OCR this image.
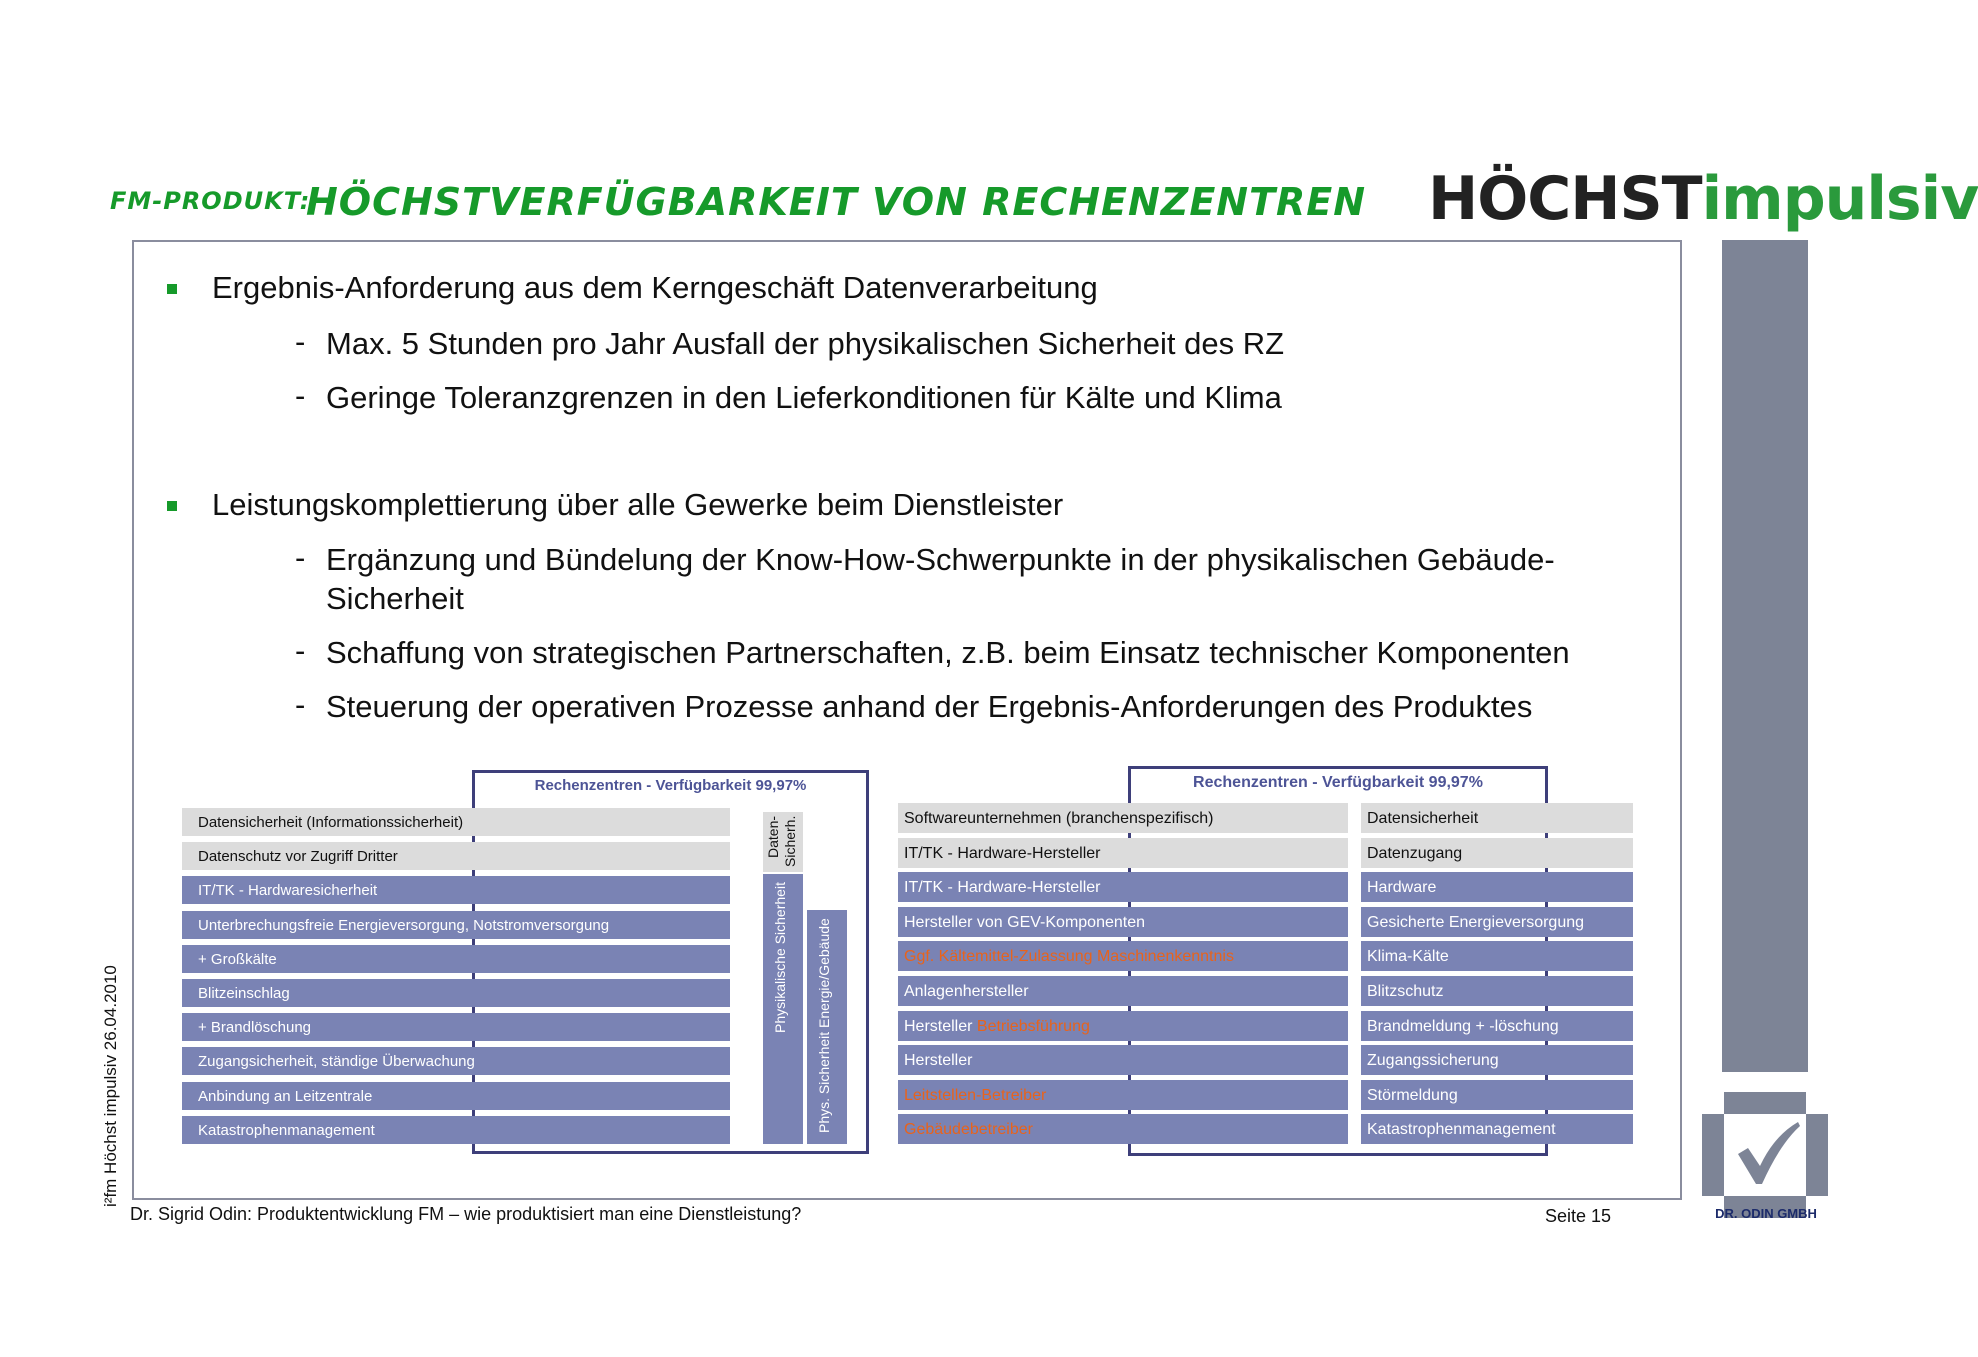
FM-PRODUKT:
HÖCHSTVERFÜGBARKEIT VON RECHENZENTREN HÖCHSTimpulsiv
DR. ODIN GMBH
Ergebnis-Anforderung aus dem Kerngeschäft Datenverarbeitung
- Max. 5 Stunden pro Jahr Ausfall der physikalischen Sicherheit des RZ
- Geringe Toleranzgrenzen in den Lieferkonditionen für Kälte und Klima
Leistungskomplettierung über alle Gewerke beim Dienstleister
- Ergänzung und Bündelung der Know-How-Schwerpunkte in der physikalischen Gebäude-Sicherheit
- Schaffung von strategischen Partnerschaften, z.B. beim Einsatz technischer Komponenten
- Steuerung der operativen Prozesse anhand der Ergebnis-Anforderungen des Produktes
Rechenzentren - Verfügbarkeit 99,97%
Datensicherheit (Informationssicherheit)
Datenschutz vor Zugriff Dritter
IT/TK - Hardwaresicherheit
Unterbrechungsfreie Energieversorgung, Notstromversorgung
+ Großkälte
Blitzeinschlag
+ Brandlöschung
Zugangsicherheit, ständige Überwachung
Anbindung an Leitzentrale
Katastrophenmanagement
Daten-
Sicherh.
Physikalische Sicherheit Phys. Sicherheit Energie/Gebäude
Rechenzentren - Verfügbarkeit 99,97%
Softwareunternehmen (branchenspezifisch)
IT/TK - Hardware-Hersteller
IT/TK - Hardware-Hersteller
Hersteller von GEV-Komponenten
Ggf. Kältemittel-Zulassung Maschinenkenntnis
Anlagenhersteller
Hersteller Betriebsführung
Hersteller
Leitstellen-Betreiber
Gebäudebetreiber
Datensicherheit
Datenzugang
Hardware
Gesicherte Energieversorgung
Klima-Kälte
Blitzschutz
Brandmeldung + -löschung
Zugangssicherung
Störmeldung
Katastrophenmanagement
i²fm Höchst impulsiv 26.04.2010
Dr. Sigrid Odin: Produktentwicklung FM – wie produktisiert man eine Dienstleistung?	Seite 15
